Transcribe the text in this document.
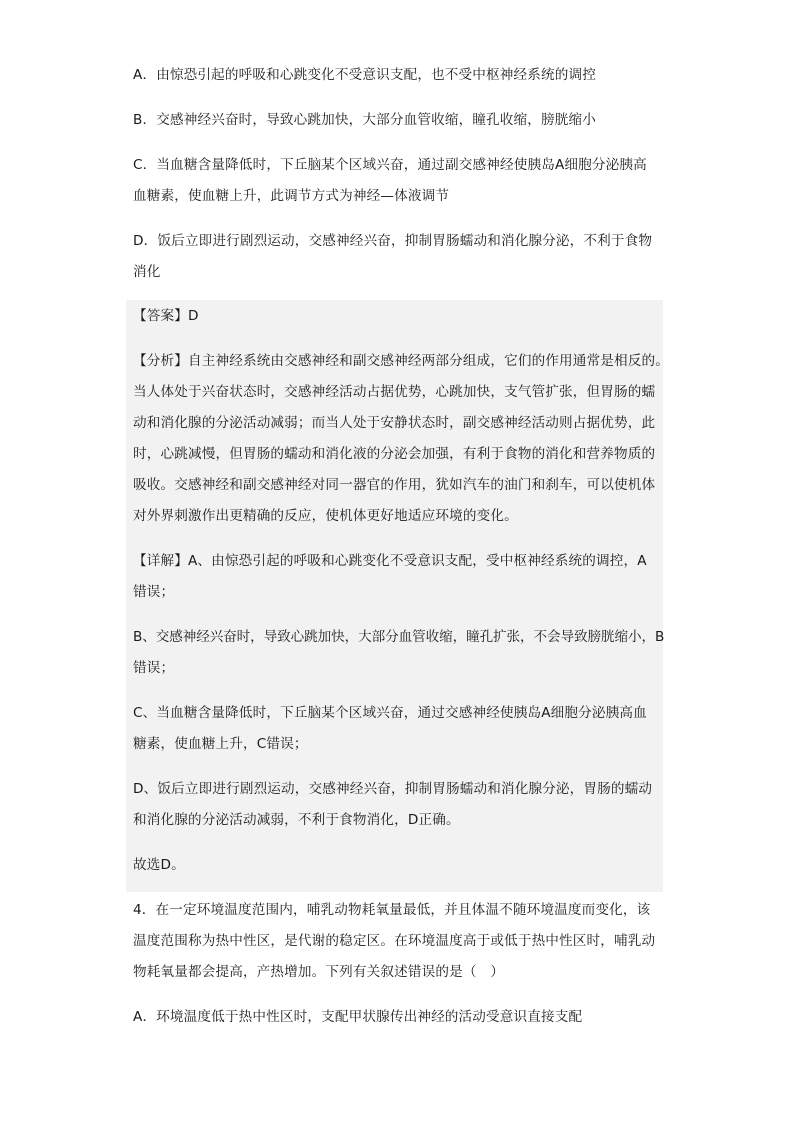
A．由惊恐引起的呼吸和心跳变化不受意识支配，也不受中枢神经系统的调控
B．交感神经兴奋时，导致心跳加快，大部分血管收缩，瞳孔收缩，膀胱缩小
C．当血糖含量降低时，下丘脑某个区域兴奋，通过副交感神经使胰岛A细胞分泌胰高
血糖素，使血糖上升，此调节方式为神经—体液调节
D．饭后立即进行剧烈运动，交感神经兴奋，抑制胃肠蠕动和消化腺分泌，不利于食物
消化
【答案】D
【分析】自主神经系统由交感神经和副交感神经两部分组成，它们的作用通常是相反的。
当人体处于兴奋状态时，交感神经活动占据优势，心跳加快，支气管扩张，但胃肠的蠕
动和消化腺的分泌活动减弱；而当人处于安静状态时，副交感神经活动则占据优势，此
时，心跳减慢，但胃肠的蠕动和消化液的分泌会加强，有利于食物的消化和营养物质的
吸收。交感神经和副交感神经对同一器官的作用，犹如汽车的油门和刹车，可以使机体
对外界刺激作出更精确的反应，使机体更好地适应环境的变化。
【详解】A、由惊恐引起的呼吸和心跳变化不受意识支配，受中枢神经系统的调控，A
错误；
B、交感神经兴奋时，导致心跳加快，大部分血管收缩，瞳孔扩张，不会导致膀胱缩小，B
错误；
C、当血糖含量降低时，下丘脑某个区域兴奋，通过交感神经使胰岛A细胞分泌胰高血
糖素，使血糖上升，C错误；
D、饭后立即进行剧烈运动，交感神经兴奋，抑制胃肠蠕动和消化腺分泌，胃肠的蠕动
和消化腺的分泌活动减弱，不利于食物消化，D正确。
故选D。
4．在一定环境温度范围内，哺乳动物耗氧量最低，并且体温不随环境温度而变化，该
温度范围称为热中性区，是代谢的稳定区。在环境温度高于或低于热中性区时，哺乳动
物耗氧量都会提高，产热增加。下列有关叙述错误的是（　）
A．环境温度低于热中性区时，支配甲状腺传出神经的活动受意识直接支配
